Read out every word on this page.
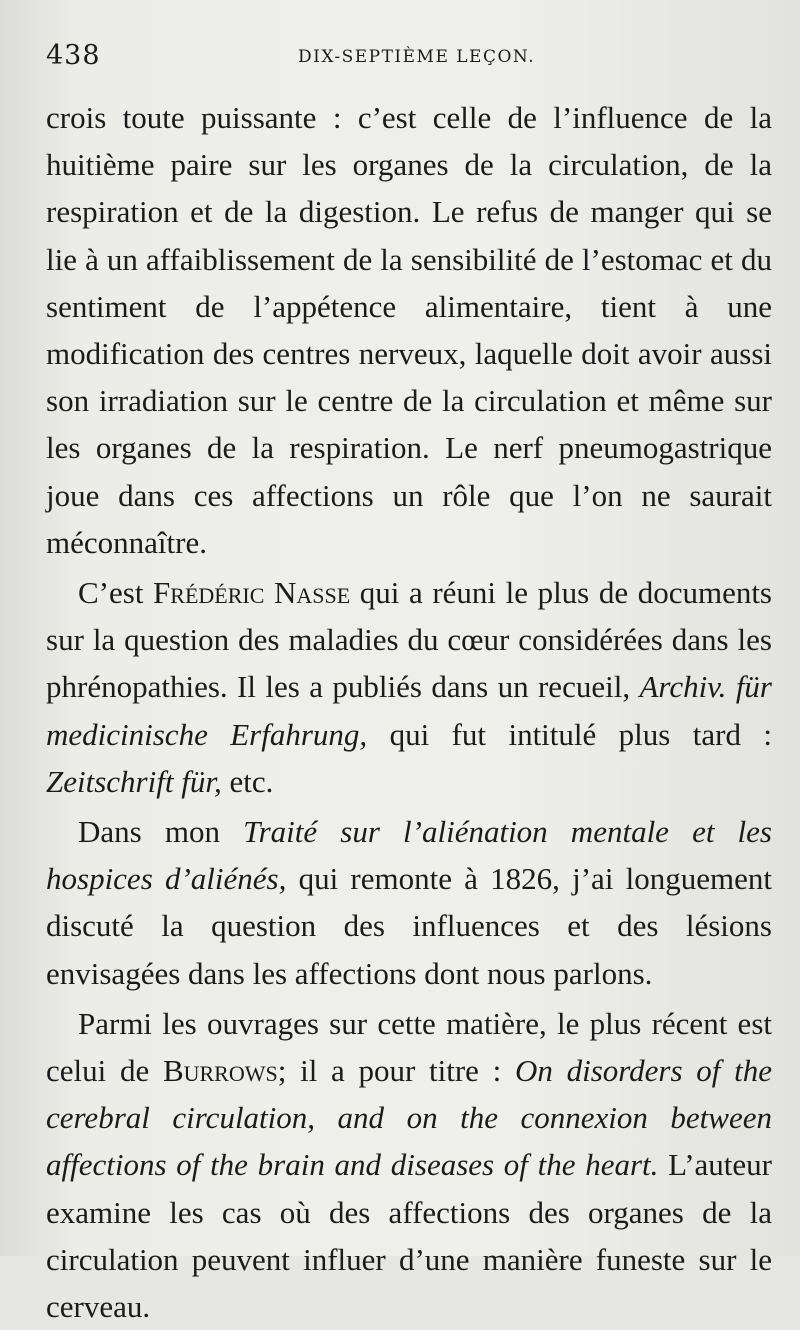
438	DIX-SEPTIÈME LEÇON.

crois toute puissante : c’est celle de l’influence de la huitième paire sur les organes de la circulation, de la respiration et de la digestion. Le refus de manger qui se lie à un affaiblissement de la sensibilité de l’estomac et du sentiment de l’appétence alimentaire, tient à une modification des centres nerveux, laquelle doit avoir aussi son irradiation sur le centre de la circulation et même sur les organes de la respiration. Le nerf pneumogastrique joue dans ces affections un rôle que l’on ne saurait méconnaître.

C’est Frédéric Nasse qui a réuni le plus de documents sur la question des maladies du cœur considérées dans les phrénopathies. Il les a publiés dans un recueil, Archiv. für medicinische Erfahrung, qui fut intitulé plus tard : Zeitschrift für, etc.

Dans mon Traité sur l’aliénation mentale et les hospices d’aliénés, qui remonte à 1826, j’ai longuement discuté la question des influences et des lésions envisagées dans les affections dont nous parlons.

Parmi les ouvrages sur cette matière, le plus récent est celui de Burrows; il a pour titre : On disorders of the cerebral circulation, and on the connexion between affections of the brain and diseases of the heart. L’auteur examine les cas où des affections des organes de la circulation peuvent influer d’une manière funeste sur le cerveau.
